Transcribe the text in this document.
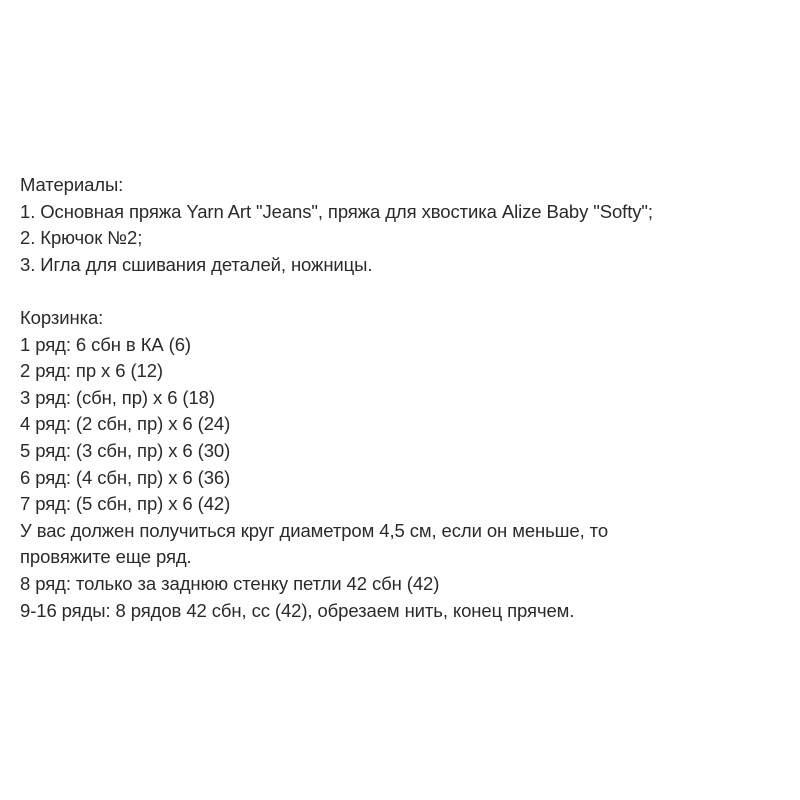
Материалы:
1. Основная пряжа Yarn Art "Jeans", пряжа для хвостика Alize Baby "Softy";
2. Крючок №2;
3. Игла для сшивания деталей, ножницы.
Корзинка:
1 ряд: 6 сбн в КА (6)
2 ряд: пр х 6 (12)
3 ряд: (сбн, пр) х 6 (18)
4 ряд: (2 сбн, пр) х 6 (24)
5 ряд: (3 сбн, пр) х 6 (30)
6 ряд: (4 сбн, пр) х 6 (36)
7 ряд: (5 сбн, пр) х 6 (42)
У вас должен получиться круг диаметром 4,5 см, если он меньше, то
провяжите еще ряд.
8 ряд: только за заднюю стенку петли 42 сбн (42)
9-16 ряды: 8 рядов 42 сбн, сс (42), обрезаем нить, конец прячем.
